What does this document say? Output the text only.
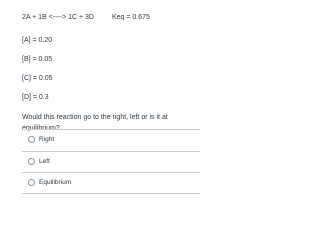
2A + 1B <----> 1C + 3D	Keq = 0.675
[A] = 0.20
[B] = 0.05
[C] = 0.05
[D] = 0.3
Would this reaction go to the right, left or is it at
Right
Left
Equilibrium
